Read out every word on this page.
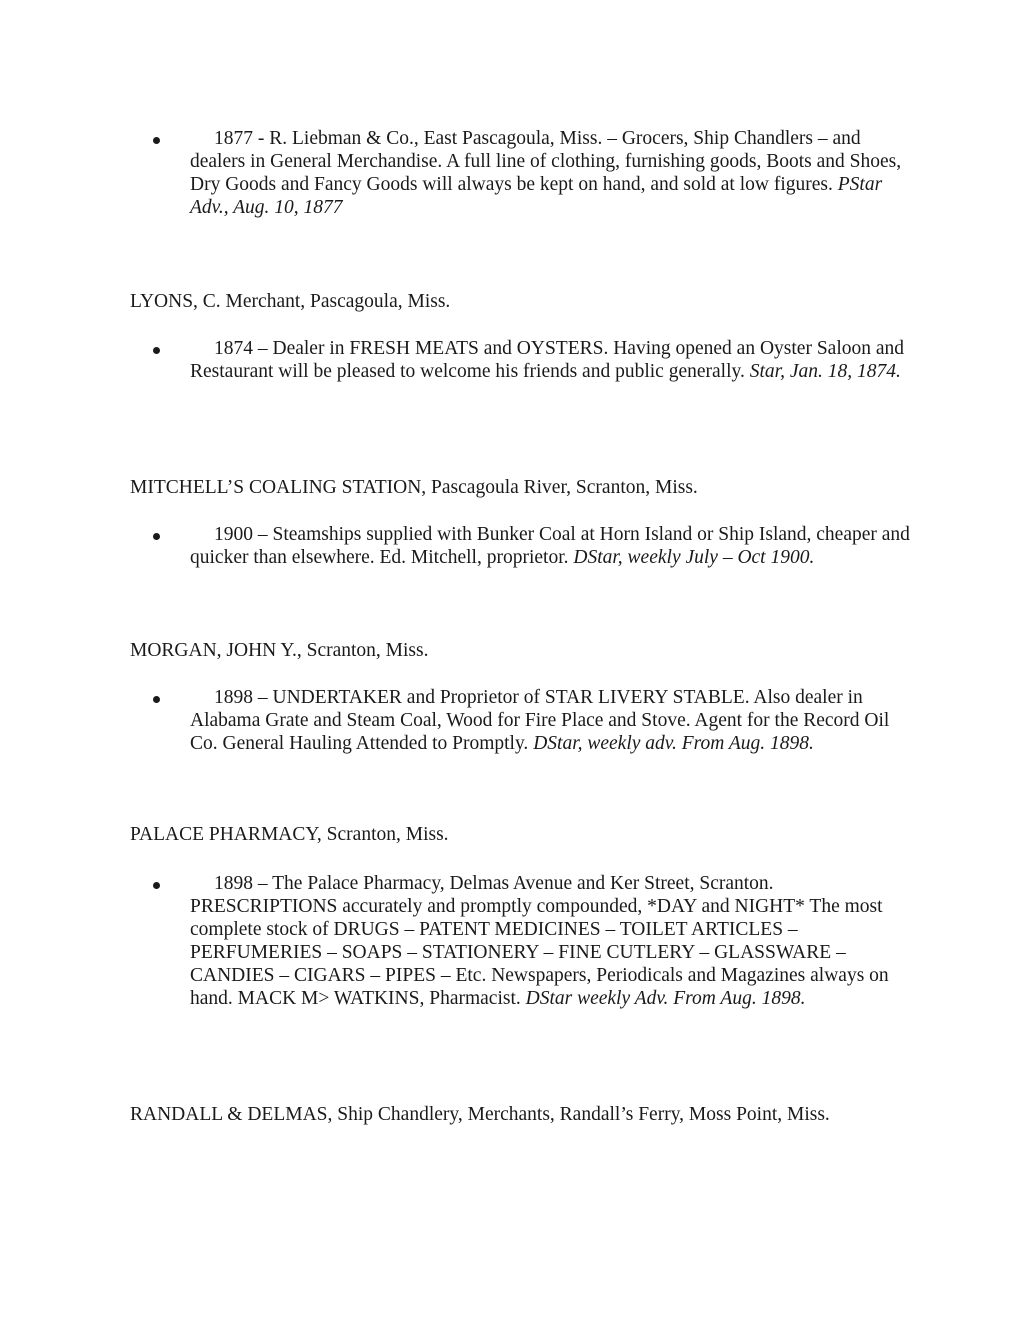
1877 - R. Liebman & Co., East Pascagoula, Miss. – Grocers, Ship Chandlers – and dealers in General Merchandise. A full line of clothing, furnishing goods, Boots and Shoes, Dry Goods and Fancy Goods will always be kept on hand, and sold at low figures. PStar Adv., Aug. 10, 1877
LYONS, C. Merchant, Pascagoula, Miss.
1874 – Dealer in FRESH MEATS and OYSTERS. Having opened an Oyster Saloon and Restaurant will be pleased to welcome his friends and public generally. Star, Jan. 18, 1874.
MITCHELL’S COALING STATION, Pascagoula River, Scranton, Miss.
1900 – Steamships supplied with Bunker Coal at Horn Island or Ship Island, cheaper and quicker than elsewhere. Ed. Mitchell, proprietor. DStar, weekly July – Oct 1900.
MORGAN, JOHN Y., Scranton, Miss.
1898 – UNDERTAKER and Proprietor of STAR LIVERY STABLE. Also dealer in Alabama Grate and Steam Coal, Wood for Fire Place and Stove. Agent for the Record Oil Co. General Hauling Attended to Promptly. DStar, weekly adv. From Aug. 1898.
PALACE PHARMACY, Scranton, Miss.
1898 – The Palace Pharmacy, Delmas Avenue and Ker Street, Scranton. PRESCRIPTIONS accurately and promptly compounded, *DAY and NIGHT* The most complete stock of DRUGS – PATENT MEDICINES – TOILET ARTICLES – PERFUMERIES – SOAPS – STATIONERY – FINE CUTLERY – GLASSWARE – CANDIES – CIGARS – PIPES – Etc. Newspapers, Periodicals and Magazines always on hand. MACK M> WATKINS, Pharmacist. DStar weekly Adv. From Aug. 1898.
RANDALL & DELMAS, Ship Chandlery, Merchants, Randall’s Ferry, Moss Point, Miss.
